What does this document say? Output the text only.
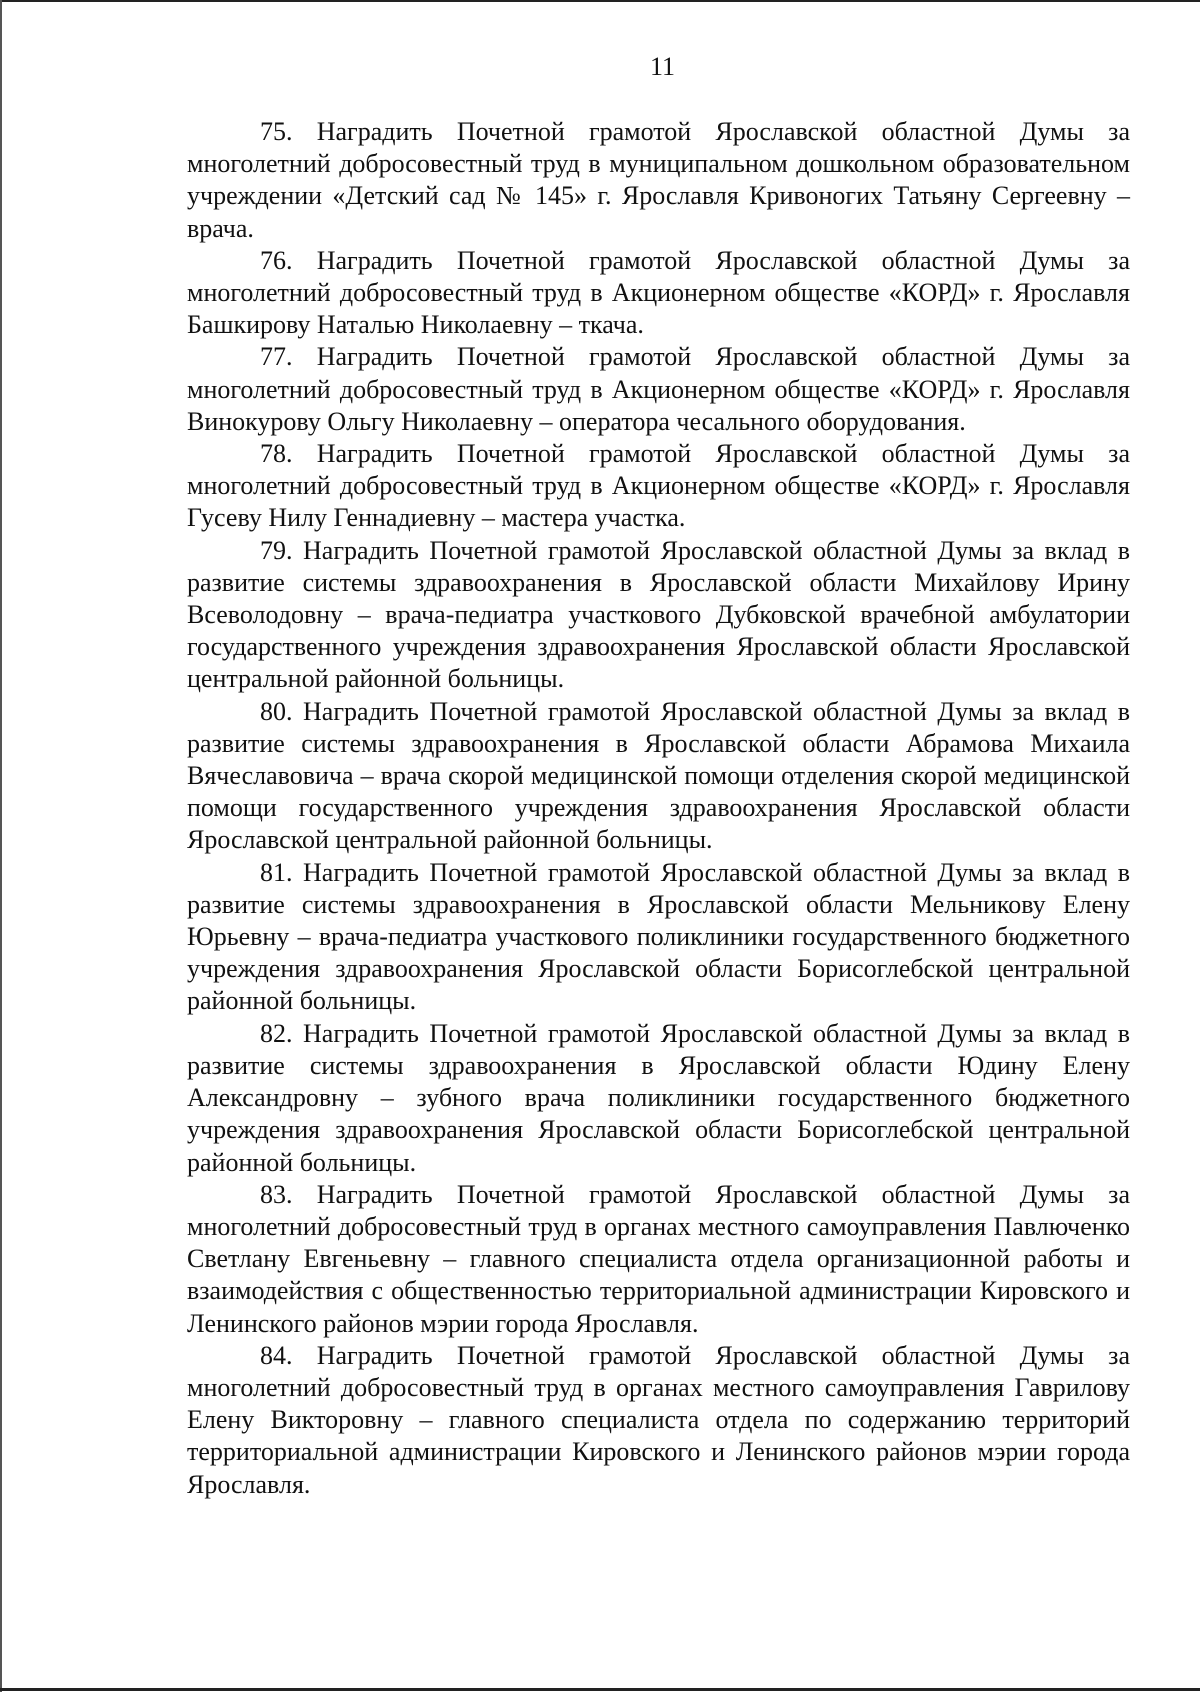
11

75. Наградить Почетной грамотой Ярославской областной Думы за многолетний добросовестный труд в муниципальном дошкольном образовательном учреждении «Детский сад № 145» г. Ярославля Кривоногих Татьяну Сергеевну – врача.

76. Наградить Почетной грамотой Ярославской областной Думы за многолетний добросовестный труд в Акционерном обществе «КОРД» г. Ярославля Башкирову Наталью Николаевну – ткача.

77. Наградить Почетной грамотой Ярославской областной Думы за многолетний добросовестный труд в Акционерном обществе «КОРД» г. Ярославля Винокурову Ольгу Николаевну – оператора чесального оборудования.

78. Наградить Почетной грамотой Ярославской областной Думы за многолетний добросовестный труд в Акционерном обществе «КОРД» г. Ярославля Гусеву Нилу Геннадиевну – мастера участка.

79. Наградить Почетной грамотой Ярославской областной Думы за вклад в развитие системы здравоохранения в Ярославской области Михайлову Ирину Всеволодовну – врача-педиатра участкового Дубковской врачебной амбулатории государственного учреждения здравоохранения Ярославской области Ярославской центральной районной больницы.

80. Наградить Почетной грамотой Ярославской областной Думы за вклад в развитие системы здравоохранения в Ярославской области Абрамова Михаила Вячеславовича – врача скорой медицинской помощи отделения скорой медицинской помощи государственного учреждения здравоохранения Ярославской области Ярославской центральной районной больницы.

81. Наградить Почетной грамотой Ярославской областной Думы за вклад в развитие системы здравоохранения в Ярославской области Мельникову Елену Юрьевну – врача-педиатра участкового поликлиники государственного бюджетного учреждения здравоохранения Ярославской области Борисоглебской центральной районной больницы.

82. Наградить Почетной грамотой Ярославской областной Думы за вклад в развитие системы здравоохранения в Ярославской области Юдину Елену Александровну – зубного врача поликлиники государственного бюджетного учреждения здравоохранения Ярославской области Борисоглебской центральной районной больницы.

83. Наградить Почетной грамотой Ярославской областной Думы за многолетний добросовестный труд в органах местного самоуправления Павлюченко Светлану Евгеньевну – главного специалиста отдела организационной работы и взаимодействия с общественностью территориальной администрации Кировского и Ленинского районов мэрии города Ярославля.

84. Наградить Почетной грамотой Ярославской областной Думы за многолетний добросовестный труд в органах местного самоуправления Гаврилову Елену Викторовну – главного специалиста отдела по содержанию территорий территориальной администрации Кировского и Ленинского районов мэрии города Ярославля.
